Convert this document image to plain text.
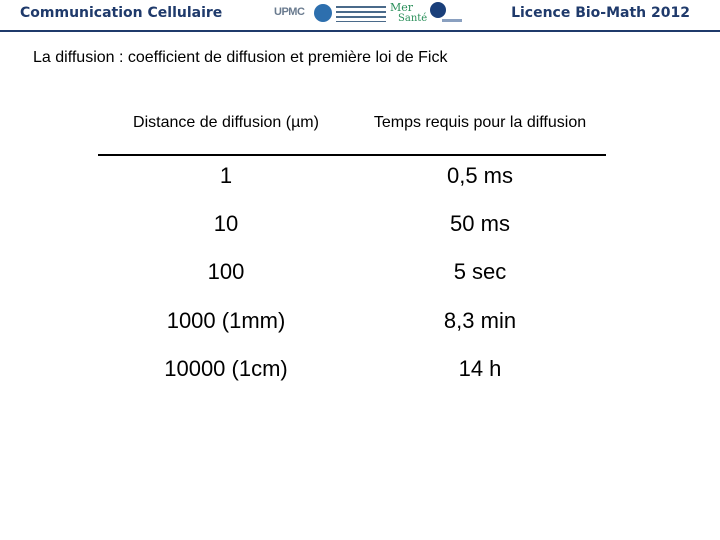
Communication Cellulaire	UPMC	Mer
Santé	Licence Bio-Math 2012
La diffusion : coefficient de diffusion et première loi de Fick
Distance de diffusion (µm)	Temps requis pour la diffusion
1	0,5 ms
10	50 ms
100	5 sec
1000 (1mm)	8,3 min
10000 (1cm)	14 h
